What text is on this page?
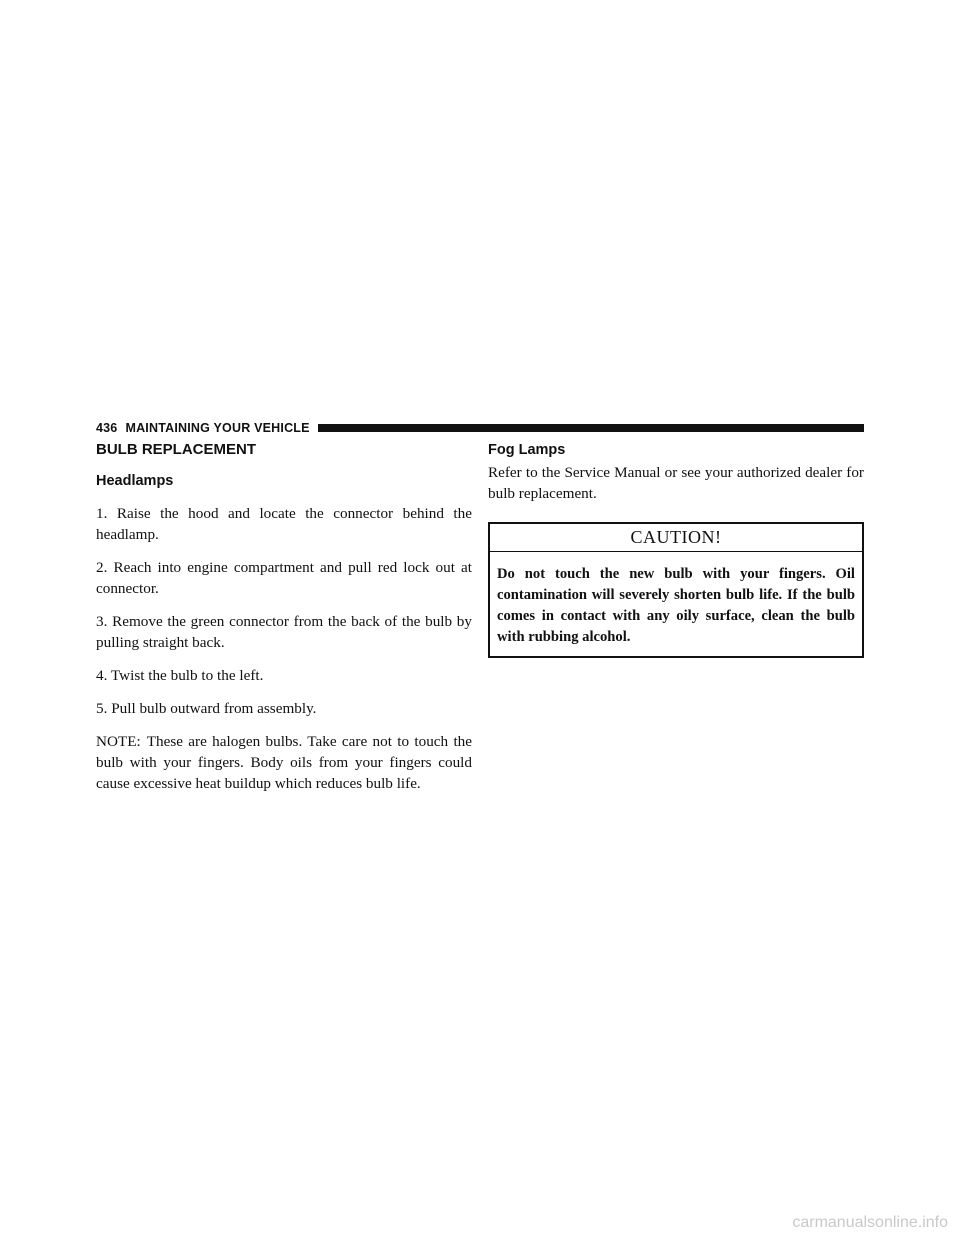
436 MAINTAINING YOUR VEHICLE
BULB REPLACEMENT
Headlamps

1. Raise the hood and locate the connector behind the headlamp.

2. Reach into engine compartment and pull red lock out at connector.

3. Remove the green connector from the back of the bulb by pulling straight back.

4. Twist the bulb to the left.

5. Pull bulb outward from assembly.

NOTE: These are halogen bulbs. Take care not to touch the bulb with your fingers. Body oils from your fingers could cause excessive heat buildup which reduces bulb life.

Fog Lamps

Refer to the Service Manual or see your authorized dealer for bulb replacement.

CAUTION!
Do not touch the new bulb with your fingers. Oil contamination will severely shorten bulb life. If the bulb comes in contact with any oily surface, clean the bulb with rubbing alcohol.
carmanualsonline.info
